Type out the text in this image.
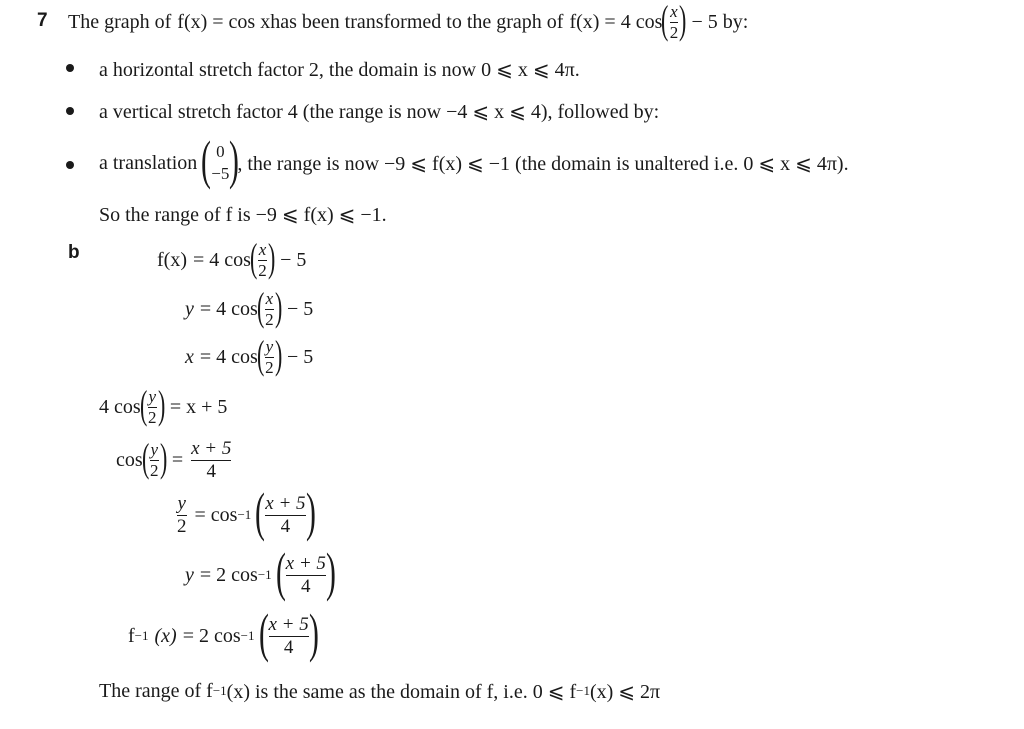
7 The graph of f(x) = cos x has been transformed to the graph of f(x) = 4 cos
( $\frac{x}{2}$ ) − 5 by:
a horizontal stretch factor 2, the domain is now 0 ⩽ x ⩽ 4π.
a vertical stretch factor 4 (the range is now −4 ⩽ x ⩽ 4), followed by:
a translation ( 0
−5 )
, the range is now −9 ⩽ f(x) ⩽ −1 (the domain is unaltered i.e. 0 ⩽ x ⩽ 4π).
So the range of f is −9 ⩽ f(x) ⩽ −1.
b	f(x) = 4 cos
( $\frac{x}{2}$ ) − 5
y = 4 cos
( $\frac{x}{2}$ ) − 5
x = 4 cos
( $\frac{y}{2}$ ) − 5
4 cos
( $\frac{y}{2}$ ) = x + 5
cos
( $\frac{y}{2}$ ) = $\frac{x + 5}{4}$
$\frac{y}{2} = \cos -1$ ( $\frac{x + 5}{4}$ )
y = 2 cos −1 ( $\frac{x + 5}{4}$ )
f −1 (x) = 2 cos −1 ( $\frac{x + 5}{4}$ )
The range of f −1 (x) is the same as the domain of f, i.e. 0 ⩽ f −1 (x) ⩽ 2π
